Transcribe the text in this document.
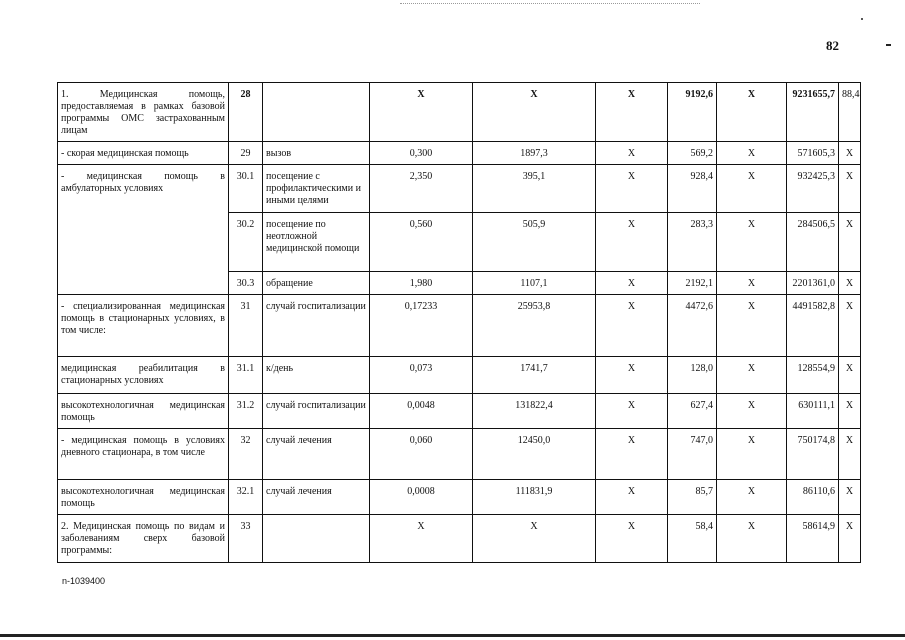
82
1. Медицинская помощь, предоставляемая в рамках базовой программы ОМС застрахованным лицам	28		X	X	X	9192,6	X	9231655,7	88,4
- скорая медицинская помощь	29	вызов	0,300	1897,3	X	569,2	X	571605,3	X
- медицинская помощь в амбулаторных условиях	30.1	посещение с профилактическими и иными целями	2,350	395,1	X	928,4	X	932425,3	X
	30.2	посещение по неотложной медицинской помощи	0,560	505,9	X	283,3	X	284506,5	X
	30.3	обращение	1,980	1107,1	X	2192,1	X	2201361,0	X
- специализированная медицинская помощь в стационарных условиях, в том числе:	31	случай госпитализации	0,17233	25953,8	X	4472,6	X	4491582,8	X
медицинская реабилитация в стационарных условиях	31.1	к/день	0,073	1741,7	X	128,0	X	128554,9	X
высокотехнологичная медицинская помощь	31.2	случай госпитализации	0,0048	131822,4	X	627,4	X	630111,1	X
- медицинская помощь в условиях дневного стационара, в том числе	32	случай лечения	0,060	12450,0	X	747,0	X	750174,8	X
высокотехнологичная медицинская помощь	32.1	случай лечения	0,0008	111831,9	X	85,7	X	86110,6	X
2. Медицинская помощь по видам и заболеваниям сверх базовой программы:	33		X	X	X	58,4	X	58614,9	X
n-1039400
